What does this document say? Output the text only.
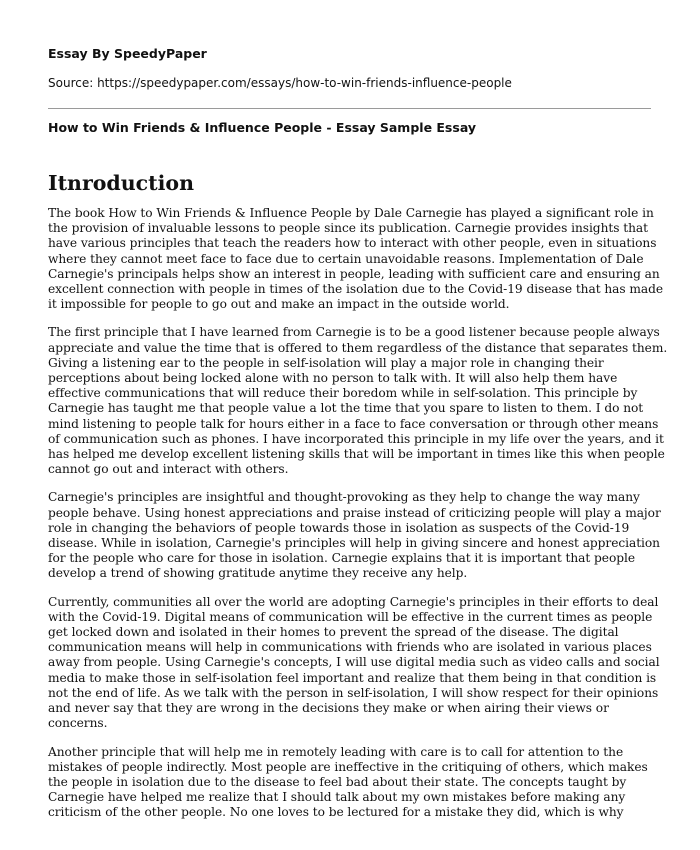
Essay By SpeedyPaper
Source: https://speedypaper.com/essays/how-to-win-friends-influence-people
How to Win Friends & Influence People - Essay Sample Essay
Itnroduction

The book How to Win Friends & Influence People by Dale Carnegie has played a significant role in
the provision of invaluable lessons to people since its publication. Carnegie provides insights that
have various principles that teach the readers how to interact with other people, even in situations
where they cannot meet face to face due to certain unavoidable reasons. Implementation of Dale
Carnegie's principals helps show an interest in people, leading with sufficient care and ensuring an
excellent connection with people in times of the isolation due to the Covid-19 disease that has made
it impossible for people to go out and make an impact in the outside world.

The first principle that I have learned from Carnegie is to be a good listener because people always
appreciate and value the time that is offered to them regardless of the distance that separates them.
Giving a listening ear to the people in self-isolation will play a major role in changing their
perceptions about being locked alone with no person to talk with. It will also help them have
effective communications that will reduce their boredom while in self-solation. This principle by
Carnegie has taught me that people value a lot the time that you spare to listen to them. I do not
mind listening to people talk for hours either in a face to face conversation or through other means
of communication such as phones. I have incorporated this principle in my life over the years, and it
has helped me develop excellent listening skills that will be important in times like this when people
cannot go out and interact with others.

Carnegie's principles are insightful and thought-provoking as they help to change the way many
people behave. Using honest appreciations and praise instead of criticizing people will play a major
role in changing the behaviors of people towards those in isolation as suspects of the Covid-19
disease. While in isolation, Carnegie's principles will help in giving sincere and honest appreciation
for the people who care for those in isolation. Carnegie explains that it is important that people
develop a trend of showing gratitude anytime they receive any help.

Currently, communities all over the world are adopting Carnegie's principles in their efforts to deal
with the Covid-19. Digital means of communication will be effective in the current times as people
get locked down and isolated in their homes to prevent the spread of the disease. The digital
communication means will help in communications with friends who are isolated in various places
away from people. Using Carnegie's concepts, I will use digital media such as video calls and social
media to make those in self-isolation feel important and realize that them being in that condition is
not the end of life. As we talk with the person in self-isolation, I will show respect for their opinions
and never say that they are wrong in the decisions they make or when airing their views or
concerns.

Another principle that will help me in remotely leading with care is to call for attention to the
mistakes of people indirectly. Most people are ineffective in the critiquing of others, which makes
the people in isolation due to the disease to feel bad about their state. The concepts taught by
Carnegie have helped me realize that I should talk about my own mistakes before making any
criticism of the other people. No one loves to be lectured for a mistake they did, which is why
